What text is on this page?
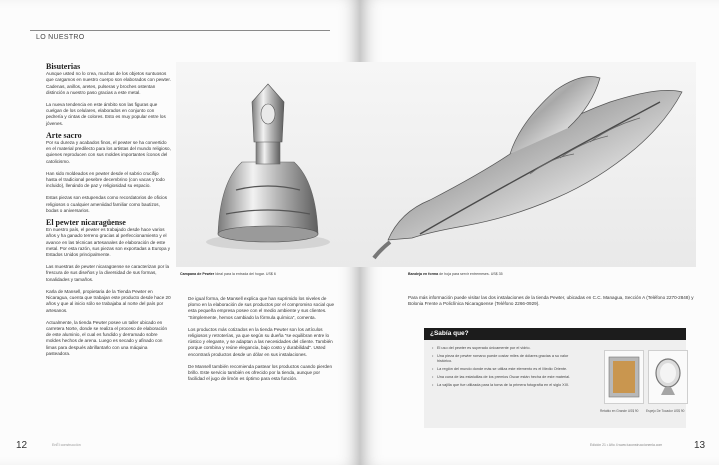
LO NUESTRO
Bisuterias

Aunque usted no lo crea, muchas de los objetos suntuosos que cargamos en nuestro cuerpo son elaborados con pewter. Cadenas, anillos, aretes, pulseras y broches ostentan distinción a nuestro paso gracias a este metal.

La nueva tendencia en este ámbito son las figuras que cuelgan de los celulares, elaborados en conjunto con pedrería y cintas de colores. Esto es muy popular entre los jóvenes.

Arte sacro

Por su dureza y acabados finos, el pewter se ha convertido en el material predilecto para los artistas del mundo religioso, quienes reproducen con sus moldes importantes íconos del catolicismo.

Han sido moldeados en pewter desde el sabrio crucifijo hasta el tradicional pesebre decembrino (con vacas y todo incluido), llenándo de paz y religiosidad su espacio.

Estas piezas son estupendas como recordatorios de oficios religiosos o cualquier ameniidad familiar como bautizos, bodas o aniversarios.

El pewter nicaragüense

En nuestro país, el pewter es trabajado desde hace varios años y ha ganado terreno gracias al perfeccionamiento y el avance en las técnicas artesanales de elaboración de este metal. Por esta razón, sus piezas son exportadas a Europa y Estados Unidos principalmente.

Las muestras de pewter nicaragüense se caracterizan por la frescura de sus diseños y la diversidad de sus formas, tonalidades y tamaños.

Karla de Mansell, propietaria de la Tienda Pewter en Nicaragua, cuenta que trabajan este producto desde hace 20 años y que al inicio sólo se trabajaba al norte del país por artesanos.

Actualmente, la tienda Pewter posee un taller ubicado en carretera Norte, donde se realiza el proceso de elaboración de este aluminio, el cual es fundido y derramado sobre moldes hechos de arena. Luego es secado y afinado con limas para después abrillantarlo con una máquina pasteadora.

Campana de Pewter Ideal para la entrada del hogar. US$ 6

De igual forma, de Mansell explica que han suprimido los niveles de plomo en la elaboración de sus productos por el compromiso social que esta pequeña empresa posee con el medio ambiente y sus clientes. "Simplemente, hemos cambiado la fórmula química", comenta.

Los productos más cotizados en la tienda Pewter son los artículos religiosos y retroterías, ya que según su dueña "se equilibran entre lo rústico y elegante, y se adaptan a las necesidades del cliente. También porque combina y reúne elegancia, bajo costo y durabilidad". Usted encontrará productos desde un dólar en sus instalaciones.

De Mansell también recomienda pastear los productos cuando pierden brillo. Este servicio también es ofrecido por la tienda, aunque por facilidad el jugo de limón es óptimo para esta función.

12	EnÉl construcción
Bandeja en forma de hoja para servir entremeses. US$ 35

Para más información puede visitar las dos instalaciones de la tienda Pewter, ubicadas en C.C. Managua, Sección A (Teléfono 2270-2848) y Bolonia Frente a Policlínica Nicaragüense (Teléfono 2266-0929).

13
Edición 21 • Año 4 www.tuconstruccionenla.com
¿Sabía que?
• El uso del pewter es superado únicamente por el vidrio.
• Una pieza de pewter romano puede costar miles de dólares gracias a su valor histórico.
• La región del mundo donde más se utiliza este elemento es el Medio Oriente.
• Una cuna de las estatuillas de los premios Oscar están hecha de este material.
• La vajilla que fue utilizada para la toma de la primera fotografía en el siglo XIX.
Retablo en Grande US$ 90 Espejo De Tocador US$ 90
